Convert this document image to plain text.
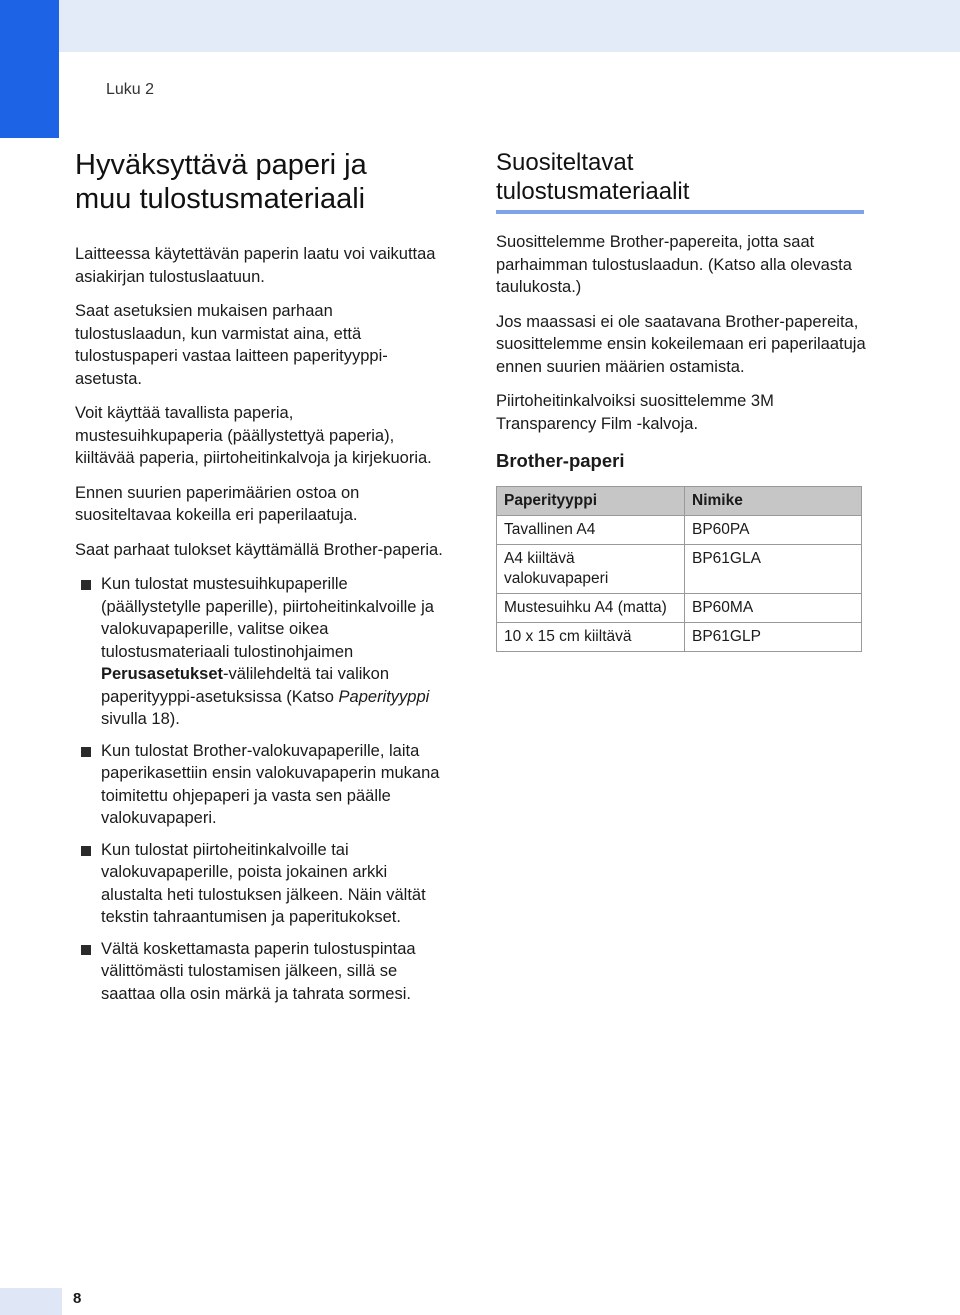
Luku 2
Hyväksyttävä paperi ja
muu tulostusmateriaali

Laitteessa käytettävän paperin laatu voi vaikuttaa asiakirjan tulostuslaatuun.

Saat asetuksien mukaisen parhaan tulostuslaadun, kun varmistat aina, että tulostuspaperi vastaa laitteen paperityyppi-asetusta.

Voit käyttää tavallista paperia, mustesuihkupaperia (päällystettyä paperia), kiiltävää paperia, piirtoheitinkalvoja ja kirjekuoria.

Ennen suurien paperimäärien ostoa on suositeltavaa kokeilla eri paperilaatuja.

Saat parhaat tulokset käyttämällä Brother-paperia.

Kun tulostat mustesuihkupaperille (päällystetylle paperille), piirtoheitinkalvoille ja valokuvapaperille, valitse oikea tulostusmateriaali tulostinohjaimen Perusasetukset-välilehdeltä tai valikon paperityyppi-asetuksissa (Katso Paperityyppi sivulla 18).
Kun tulostat Brother-valokuvapaperille, laita paperikasettiin ensin valokuvapaperin mukana toimitettu ohjepaperi ja vasta sen päälle valokuvapaperi.
Kun tulostat piirtoheitinkalvoille tai valokuvapaperille, poista jokainen arkki alustalta heti tulostuksen jälkeen. Näin vältät tekstin tahraantumisen ja paperitukokset.
Vältä koskettamasta paperin tulostuspintaa välittömästi tulostamisen jälkeen, sillä se saattaa olla osin märkä ja tahrata sormesi.
Suositeltavat
tulostusmateriaalit

Suosittelemme Brother-papereita, jotta saat parhaimman tulostuslaadun. (Katso alla olevasta taulukosta.)

Jos maassasi ei ole saatavana Brother-papereita, suosittelemme ensin kokeilemaan eri paperilaatuja ennen suurien määrien ostamista.

Piirtoheitinkalvoiksi suosittelemme 3M Transparency Film -kalvoja.

Brother-paperi
Paperityyppi	Nimike
Tavallinen A4	BP60PA
A4 kiiltävä valokuvapaperi	BP61GLA
Mustesuihku A4 (matta)	BP60MA
10 x 15 cm kiiltävä	BP61GLP
8
